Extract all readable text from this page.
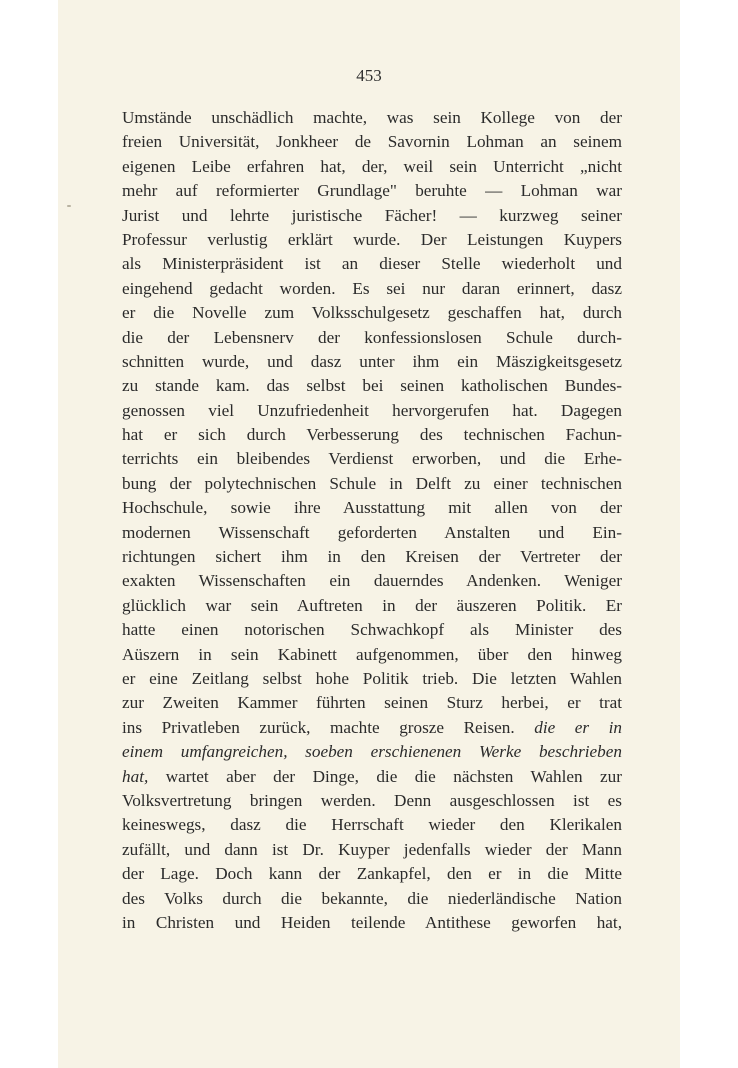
453
Umstände unschädlich machte, was sein Kollege von der
freien Universität, Jonkheer de Savornin Lohman an seinem
eigenen Leibe erfahren hat, der, weil sein Unterricht „nicht
mehr auf reformierter Grundlage" beruhte — Lohman war
Jurist und lehrte juristische Fächer! — kurzweg seiner
Professur verlustig erklärt wurde. Der Leistungen Kuypers
als Ministerpräsident ist an dieser Stelle wiederholt und
eingehend gedacht worden. Es sei nur daran erinnert, dasz
er die Novelle zum Volksschulgesetz geschaffen hat, durch
die der Lebensnerv der konfessionslosen Schule durch-
schnitten wurde, und dasz unter ihm ein Mäszigkeitsgesetz
zu stande kam. das selbst bei seinen katholischen Bundes-
genossen viel Unzufriedenheit hervorgerufen hat. Dagegen
hat er sich durch Verbesserung des technischen Fachun-
terrichts ein bleibendes Verdienst erworben, und die Erhe-
bung der polytechnischen Schule in Delft zu einer technischen
Hochschule, sowie ihre Ausstattung mit allen von der
modernen Wissenschaft geforderten Anstalten und Ein-
richtungen sichert ihm in den Kreisen der Vertreter der
exakten Wissenschaften ein dauerndes Andenken. Weniger
glücklich war sein Auftreten in der äuszeren Politik. Er
hatte einen notorischen Schwachkopf als Minister des
Aüszern in sein Kabinett aufgenommen, über den hinweg
er eine Zeitlang selbst hohe Politik trieb. Die letzten Wahlen
zur Zweiten Kammer führten seinen Sturz herbei, er trat
ins Privatleben zurück, machte grosze Reisen. die er in
einem umfangreichen, soeben erschienenen Werke beschrieben
hat, wartet aber der Dinge, die die nächsten Wahlen zur
Volksvertretung bringen werden. Denn ausgeschlossen ist es
keineswegs, dasz die Herrschaft wieder den Klerikalen
zufällt, und dann ist Dr. Kuyper jedenfalls wieder der Mann
der Lage. Doch kann der Zankapfel, den er in die Mitte
des Volks durch die bekannte, die niederländische Nation
in Christen und Heiden teilende Antithese geworfen hat,
